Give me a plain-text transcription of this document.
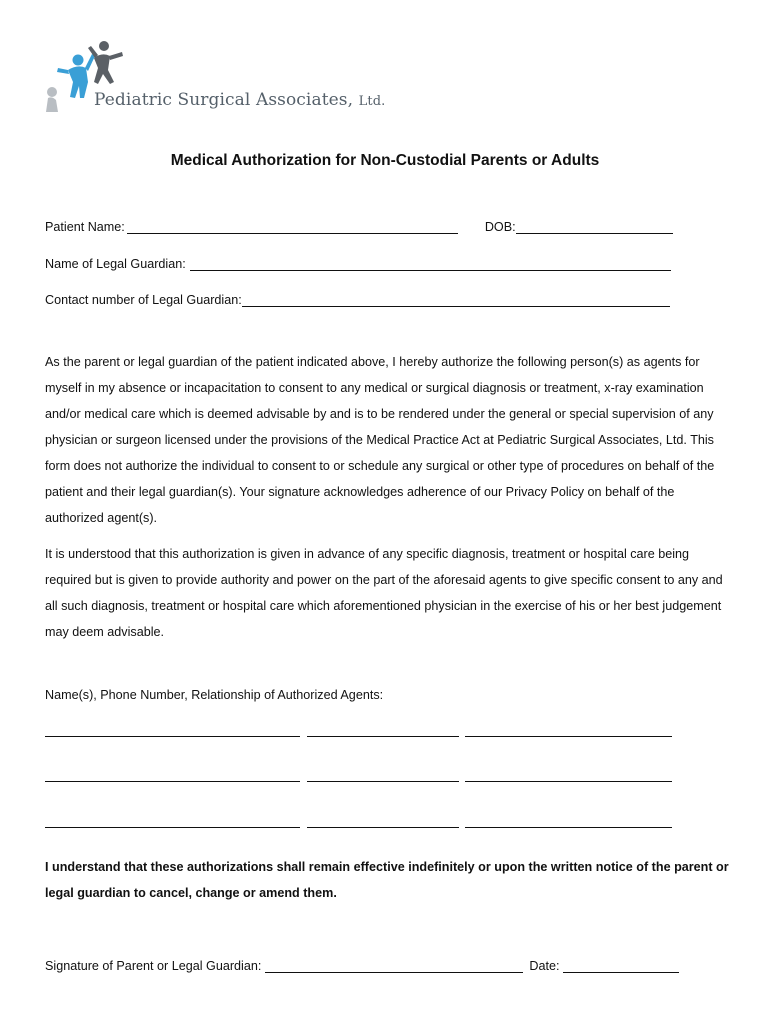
Pediatric Surgical Associates, Ltd.
Medical Authorization for Non-Custodial Parents or Adults
Patient Name:	DOB:
Name of Legal Guardian:
Contact number of Legal Guardian:

As the parent or legal guardian of the patient indicated above, I hereby authorize the following person(s) as agents for myself in my absence or incapacitation to consent to any medical or surgical diagnosis or treatment, x-ray examination and/or medical care which is deemed advisable by and is to be rendered under the general or special supervision of any physician or surgeon licensed under the provisions of the Medical Practice Act at Pediatric Surgical Associates, Ltd. This form does not authorize the individual to consent to or schedule any surgical or other type of procedures on behalf of the patient and their legal guardian(s). Your signature acknowledges adherence of our Privacy Policy on behalf of the authorized agent(s).

It is understood that this authorization is given in advance of any specific diagnosis, treatment or hospital care being required but is given to provide authority and power on the part of the aforesaid agents to give specific consent to any and all such diagnosis, treatment or hospital care which aforementioned physician in the exercise of his or her best judgement may deem advisable.

Name(s), Phone Number, Relationship of Authorized Agents:

I understand that these authorizations shall remain effective indefinitely or upon the written notice of the parent or legal guardian to cancel, change or amend them.

Signature of Parent or Legal Guardian:	Date:
